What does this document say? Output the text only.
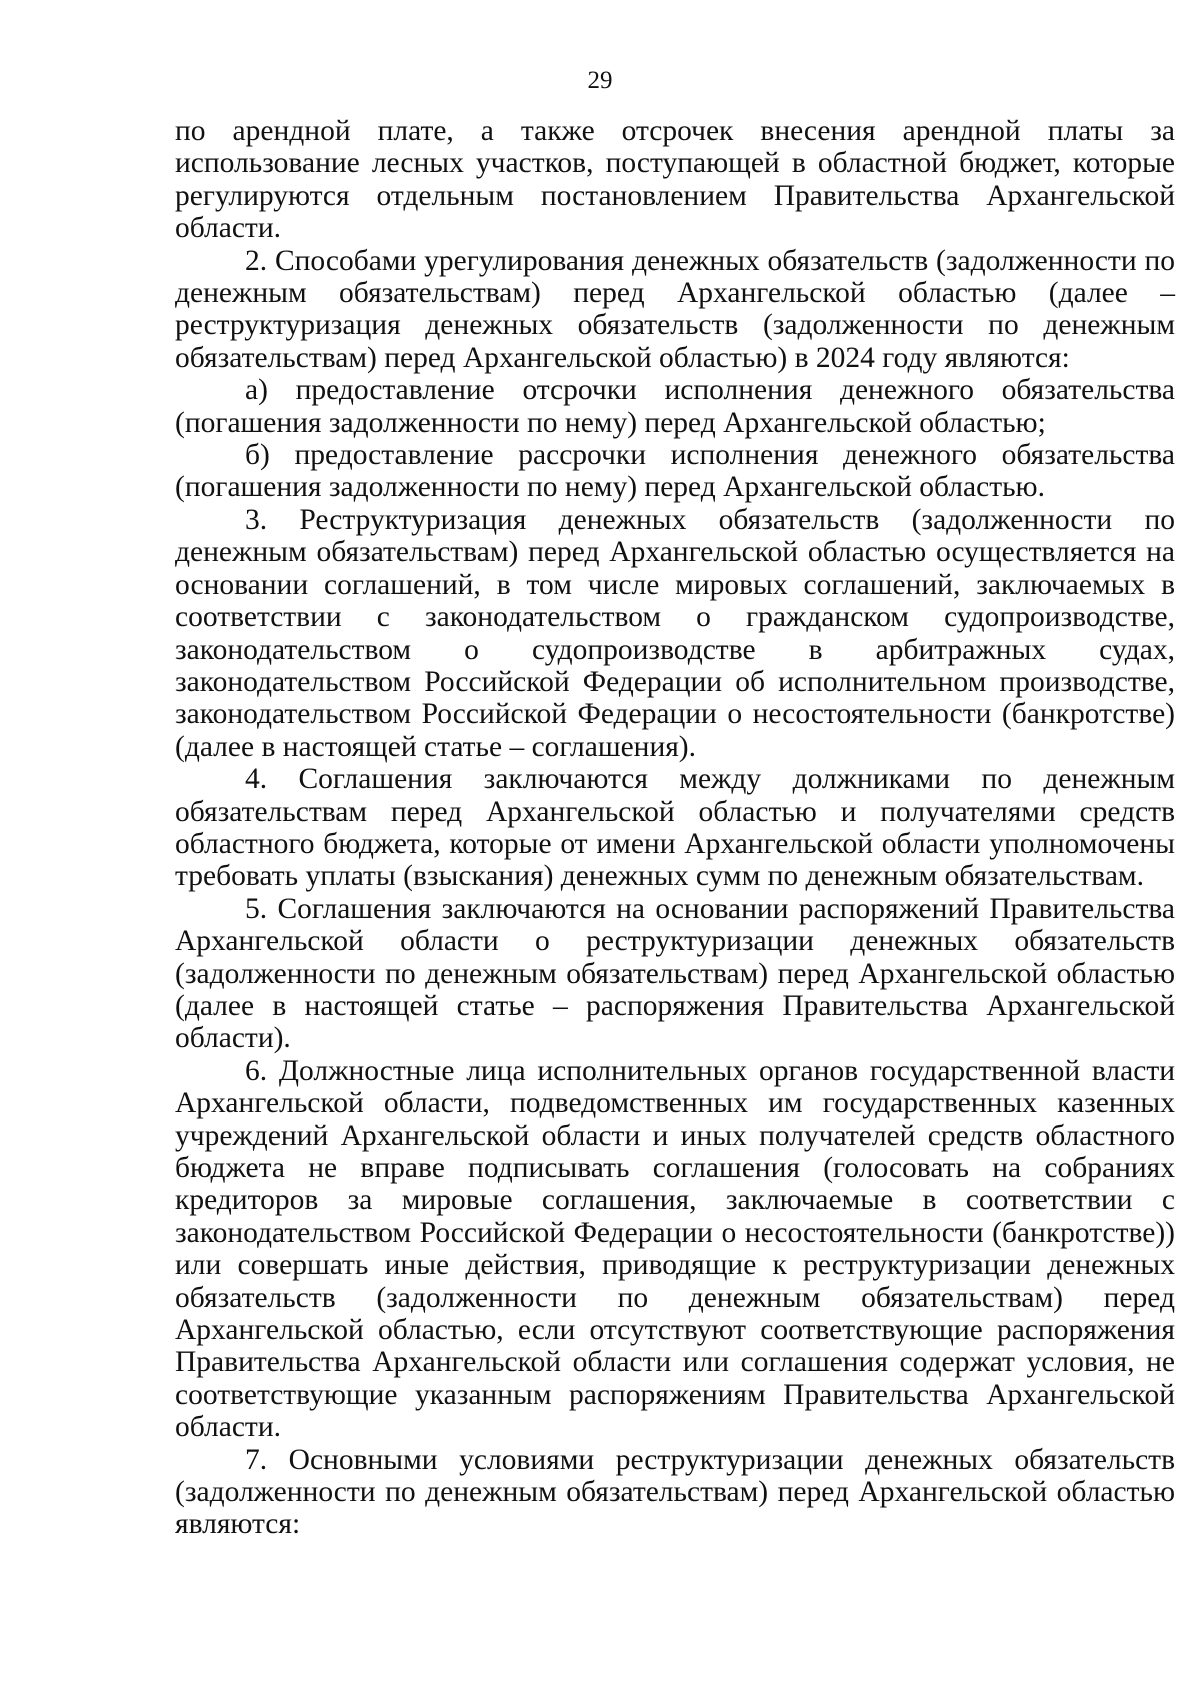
29

по арендной плате, а также отсрочек внесения арендной платы за использование лесных участков, поступающей в областной бюджет, которые регулируются отдельным постановлением Правительства Архангельской области.

2. Способами урегулирования денежных обязательств (задолженности по денежным обязательствам) перед Архангельской областью (далее – реструктуризация денежных обязательств (задолженности по денежным обязательствам) перед Архангельской областью) в 2024 году являются:

а) предоставление отсрочки исполнения денежного обязательства (погашения задолженности по нему) перед Архангельской областью;

б) предоставление рассрочки исполнения денежного обязательства (погашения задолженности по нему) перед Архангельской областью.

3. Реструктуризация денежных обязательств (задолженности по денежным обязательствам) перед Архангельской областью осуществляется на основании соглашений, в том числе мировых соглашений, заключаемых в соответствии с законодательством о гражданском судопроизводстве, законодательством о судопроизводстве в арбитражных судах, законодательством Российской Федерации об исполнительном производстве, законодательством Российской Федерации о несостоятельности (банкротстве) (далее в настоящей статье – соглашения).

4. Соглашения заключаются между должниками по денежным обязательствам перед Архангельской областью и получателями средств областного бюджета, которые от имени Архангельской области уполномочены требовать уплаты (взыскания) денежных сумм по денежным обязательствам.

5. Соглашения заключаются на основании распоряжений Правительства Архангельской области о реструктуризации денежных обязательств (задолженности по денежным обязательствам) перед Архангельской областью (далее в настоящей статье – распоряжения Правительства Архангельской области).

6. Должностные лица исполнительных органов государственной власти Архангельской области, подведомственных им государственных казенных учреждений Архангельской области и иных получателей средств областного бюджета не вправе подписывать соглашения (голосовать на собраниях кредиторов за мировые соглашения, заключаемые в соответствии с законодательством Российской Федерации о несостоятельности (банкротстве)) или совершать иные действия, приводящие к реструктуризации денежных обязательств (задолженности по денежным обязательствам) перед Архангельской областью, если отсутствуют соответствующие распоряжения Правительства Архангельской области или соглашения содержат условия, не соответствующие указанным распоряжениям Правительства Архангельской области.

7. Основными условиями реструктуризации денежных обязательств (задолженности по денежным обязательствам) перед Архангельской областью являются:
